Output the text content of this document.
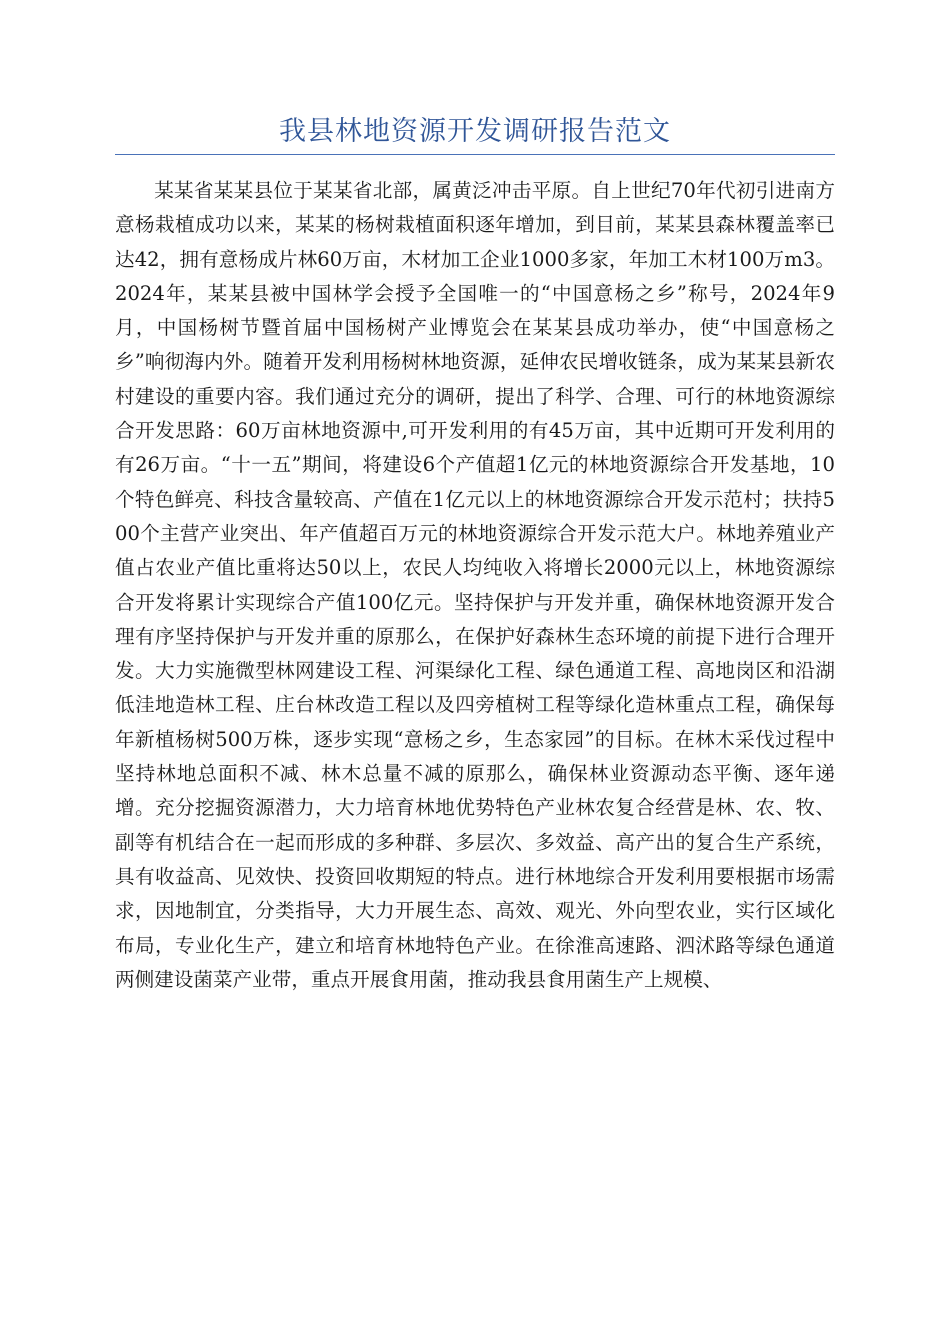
我县林地资源开发调研报告范文

某某省某某县位于某某省北部，属黄泛冲击平原。自上世纪70年代初引进南方意杨栽植成功以来，某某的杨树栽植面积逐年增加，到目前，某某县森林覆盖率已达42，拥有意杨成片林60万亩，木材加工企业1000多家，年加工木材100万m3。2024年，某某县被中国林学会授予全国唯一的“中国意杨之乡”称号，2024年9月，中国杨树节暨首届中国杨树产业博览会在某某县成功举办，使“中国意杨之乡”响彻海内外。随着开发利用杨树林地资源，延伸农民增收链条，成为某某县新农村建设的重要内容。我们通过充分的调研，提出了科学、合理、可行的林地资源综合开发思路：60万亩林地资源中,可开发利用的有45万亩，其中近期可开发利用的有26万亩。“十一五”期间，将建设6个产值超1亿元的林地资源综合开发基地，10个特色鲜亮、科技含量较高、产值在1亿元以上的林地资源综合开发示范村；扶持500个主营产业突出、年产值超百万元的林地资源综合开发示范大户。林地养殖业产值占农业产值比重将达50以上，农民人均纯收入将增长2000元以上，林地资源综合开发将累计实现综合产值100亿元。坚持保护与开发并重，确保林地资源开发合理有序坚持保护与开发并重的原那么，在保护好森林生态环境的前提下进行合理开发。大力实施微型林网建设工程、河渠绿化工程、绿色通道工程、高地岗区和沿湖低洼地造林工程、庄台林改造工程以及四旁植树工程等绿化造林重点工程，确保每年新植杨树500万株，逐步实现“意杨之乡，生态家园”的目标。在林木采伐过程中坚持林地总面积不减、林木总量不减的原那么，确保林业资源动态平衡、逐年递增。充分挖掘资源潜力，大力培育林地优势特色产业林农复合经营是林、农、牧、副等有机结合在一起而形成的多种群、多层次、多效益、高产出的复合生产系统，具有收益高、见效快、投资回收期短的特点。进行林地综合开发利用要根据市场需求，因地制宜，分类指导，大力开展生态、高效、观光、外向型农业，实行区域化布局，专业化生产，建立和培育林地特色产业。在徐淮高速路、泗沭路等绿色通道两侧建设菌菜产业带，重点开展食用菌，推动我县食用菌生产上规模、
